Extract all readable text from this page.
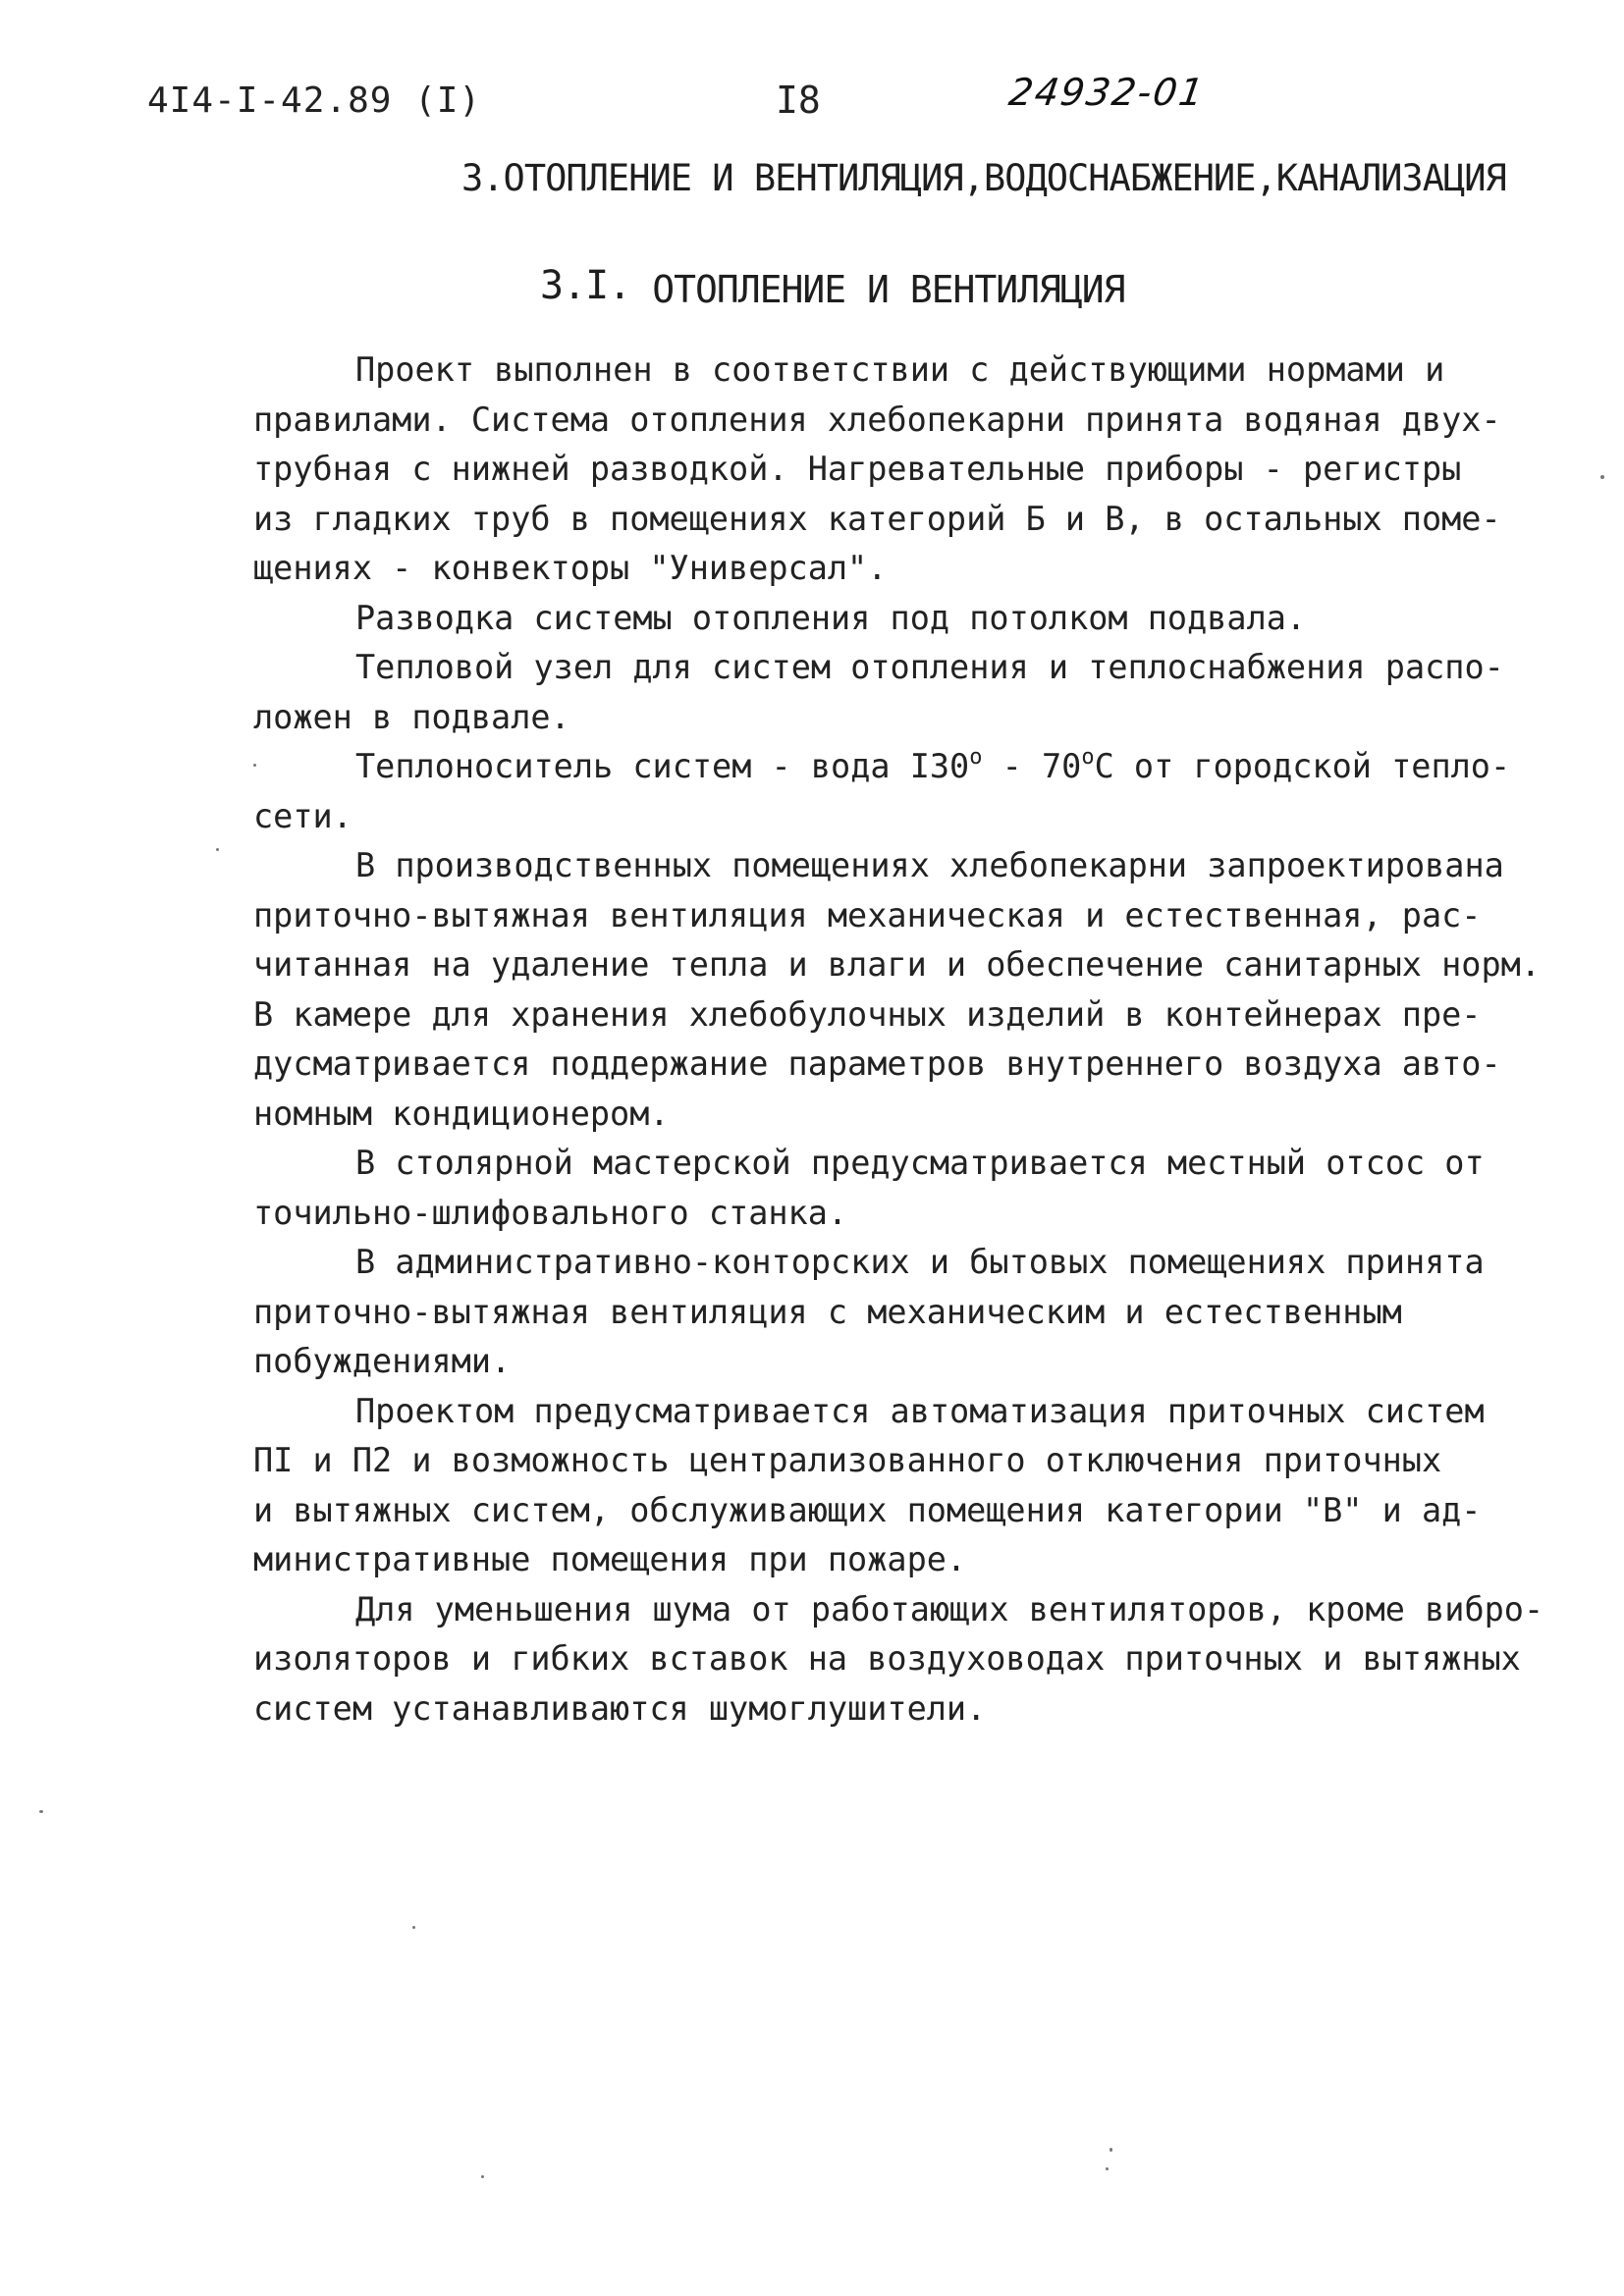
4I4-I-42.89 (I)	I8	24932-01
3.ОТОПЛЕНИЕ И ВЕНТИЛЯЦИЯ,ВОДОСНАБЖЕНИЕ,КАНАЛИЗАЦИЯ
3.I. ОТОПЛЕНИЕ И ВЕНТИЛЯЦИЯ
Проект выполнен в соответствии с действующими нормами и
правилами. Система отопления хлебопекарни принята водяная двух-
трубная с нижней разводкой. Нагревательные приборы - регистры
из гладких труб в помещениях категорий Б и В, в остальных поме-
щениях - конвекторы "Универсал".
Разводка системы отопления под потолком подвала.
Тепловой узел для систем отопления и теплоснабжения распо-
ложен в подвале.
Теплоноситель систем - вода I30$^o$ - 70$^o$C от городской тепло-
сети.
В производственных помещениях хлебопекарни запроектирована
приточно-вытяжная вентиляция механическая и естественная, рас-
читанная на удаление тепла и влаги и обеспечение санитарных норм.
В камере для хранения хлебобулочных изделий в контейнерах пре-
дусматривается поддержание параметров внутреннего воздуха авто-
номным кондиционером.
В столярной мастерской предусматривается местный отсос от
точильно-шлифовального станка.
В административно-конторских и бытовых помещениях принята
приточно-вытяжная вентиляция с механическим и естественным
побуждениями.
Проектом предусматривается автоматизация приточных систем
ПI и П2 и возможность централизованного отключения приточных
и вытяжных систем, обслуживающих помещения категории "В" и ад-
министративные помещения при пожаре.
Для уменьшения шума от работающих вентиляторов, кроме вибро-
изоляторов и гибких вставок на воздуховодах приточных и вытяжных
систем устанавливаются шумоглушители.
